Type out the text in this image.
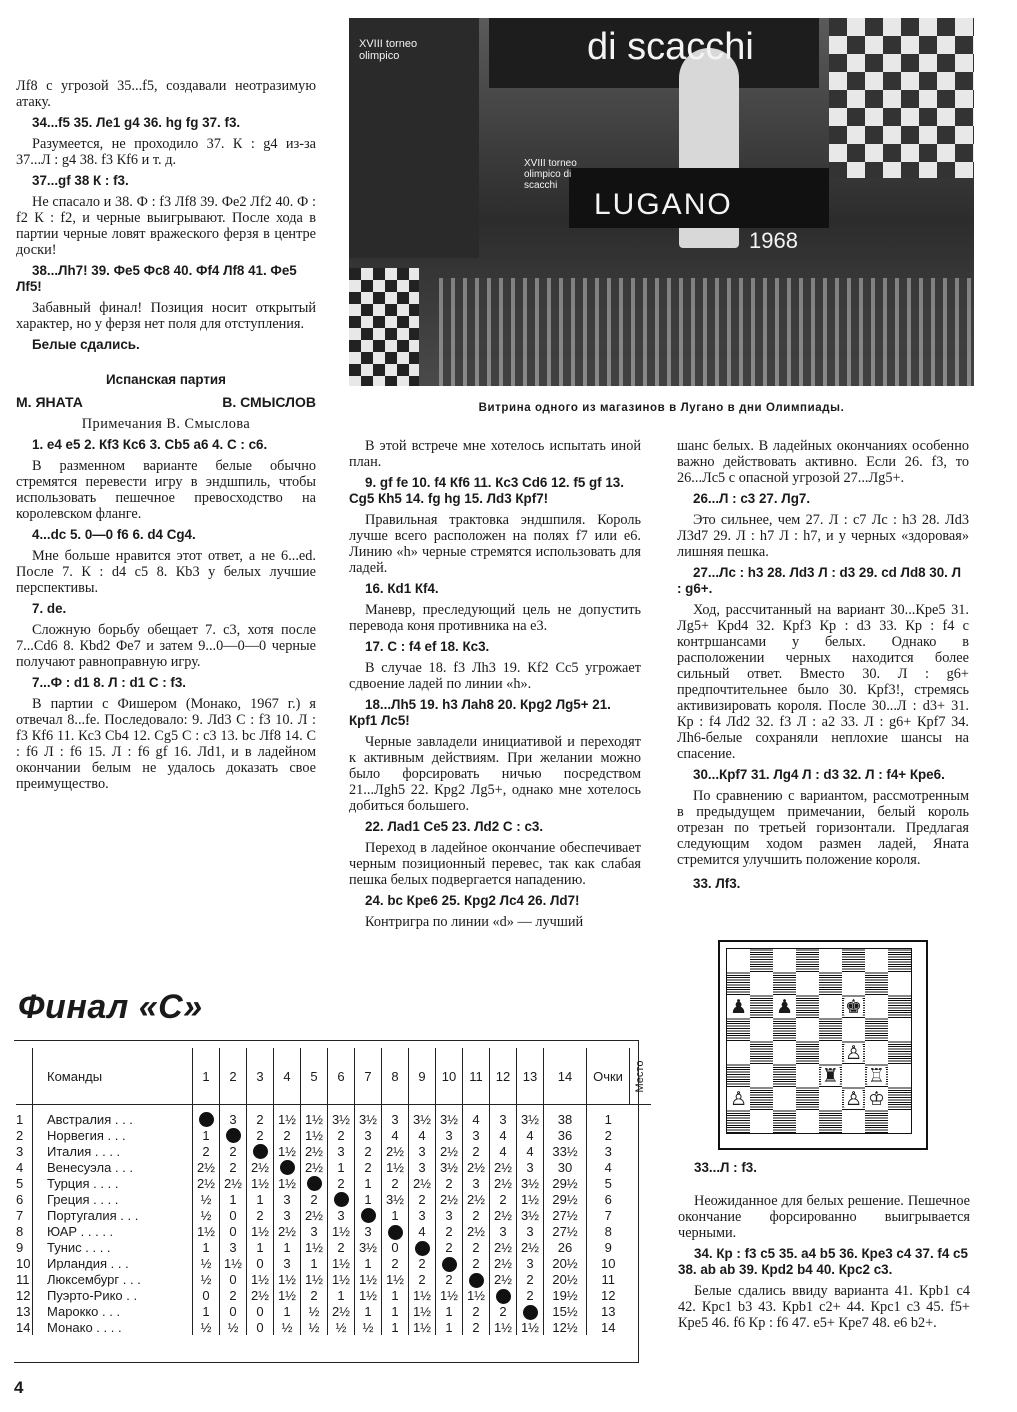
Лf8 с угрозой 35...f5, создавали неотразимую атаку.

34...f5 35. Лe1 g4 36. hg fg 37. f3.

Разумеется, не проходило 37. К : g4 из-за 37...Л : g4 38. f3 Кf6 и т. д.

37...gf 38 К : f3.

Не спасало и 38. Ф : f3 Лf8 39. Фe2 Лf2 40. Ф : f2 К : f2, и черные выигрывают. После хода в партии черные ловят вражеского ферзя в центре доски!

38...Лh7! 39. Фe5 Фc8 40. Фf4 Лf8 41. Фe5 Лf5!

Забавный финал! Позиция носит открытый характер, но у ферзя нет поля для отступления.

Белые сдались.

Испанская партия
М. ЯНАТА	В. СМЫСЛОВ

Примечания В. Смыслова

1. e4 e5 2. Кf3 Кc6 3. Сb5 a6 4. С : c6.

В разменном варианте белые обычно стремятся перевести игру в эндшпиль, чтобы использовать пешечное превосходство на королевском фланге.

4...dc 5. 0—0 f6 6. d4 Сg4.

Мне больше нравится этот ответ, а не 6...ed. После 7. К : d4 c5 8. Кb3 у белых лучшие перспективы.

7. de.

Сложную борьбу обещает 7. c3, хотя после 7...Сd6 8. Кbd2 Фe7 и затем 9...0—0—0 черные получают равноправную игру.

7...Ф : d1 8. Л : d1 С : f3.

В партии с Фишером (Монако, 1967 г.) я отвечал 8...fe. Последовало: 9. Лd3 С : f3 10. Л : f3 Кf6 11. Кc3 Сb4 12. Сg5 С : c3 13. bc Лf8 14. С : f6 Л : f6 15. Л : f6 gf 16. Лd1, и в ладейном окончании белым не удалось доказать свое преимущество.

di scacchi
XVIII torneo olimpico
LUGANO
XVIII torneo olimpico di scacchi
1968
Витрина одного из магазинов в Лугано в дни Олимпиады.

В этой встрече мне хотелось испытать иной план.

9. gf fe 10. f4 Кf6 11. Кc3 Сd6 12. f5 gf 13. Сg5 Кh5 14. fg hg 15. Лd3 Крf7!

Правильная трактовка эндшпиля. Король лучше всего расположен на полях f7 или e6. Линию «h» черные стремятся использовать для ладей.

16. Кd1 Кf4.

Маневр, преследующий цель не допустить перевода коня противника на e3.

17. С : f4 ef 18. Кc3.

В случае 18. f3 Лh3 19. Кf2 Сc5 угрожает сдвоение ладей по линии «h».

18...Лh5 19. h3 Лah8 20. Крg2 Лg5+ 21. Крf1 Лc5!

Черные завладели инициативой и переходят к активным действиям. При желании можно было форсировать ничью посредством 21...Лgh5 22. Крg2 Лg5+, однако мне хотелось добиться большего.

22. Лad1 Сe5 23. Лd2 С : c3.

Переход в ладейное окончание обеспечивает черным позиционный перевес, так как слабая пешка белых подвергается нападению.

24. bc Крe6 25. Крg2 Лc4 26. Лd7!

Контригра по линии «d» — лучший

шанс белых. В ладейных окончаниях особенно важно действовать активно. Если 26. f3, то 26...Лc5 с опасной угрозой 27...Лg5+.

26...Л : c3 27. Лg7.

Это сильнее, чем 27. Л : c7 Лc : h3 28. Лd3 Л3d7 29. Л : h7 Л : h7, и у черных «здоровая» лишняя пешка.

27...Лc : h3 28. Лd3 Л : d3 29. cd Лd8 30. Л : g6+.

Ход, рассчитанный на вариант 30...Крe5 31. Лg5+ Крd4 32. Крf3 Кр : d3 33. Кр : f4 с контршансами у белых. Однако в расположении черных находится более сильный ответ. Вместо 30. Л : g6+ предпочтительнее было 30. Крf3!, стремясь активизировать короля. После 30...Л : d3+ 31. Кр : f4 Лd2 32. f3 Л : a2 33. Л : g6+ Крf7 34. Лh6-белые сохраняли неплохие шансы на спасение.

30...Крf7 31. Лg4 Л : d3 32. Л : f4+ Крe6.

По сравнению с вариантом, рассмотренным в предыдущем примечании, белый король отрезан по третьей горизонтали. Предлагая следующим ходом размен ладей, Яната стремится улучшить положение короля.

33. Лf3.

♟ ♟	♚
♙
♜ ♖
♙	♙ ♔

33...Л : f3.

Неожиданное для белых решение. Пешечное окончание форсированно выигрывается черными.

34. Кр : f3 c5 35. a4 b5 36. Крe3 c4 37. f4 c5 38. ab ab 39. Крd2 b4 40. Крc2 c3.

Белые сдались ввиду варианта 41. Крb1 c4 42. Крc1 b3 43. Крb1 c2+ 44. Крc1 c3 45. f5+ Крe5 46. f6 Кр : f6 47. e5+ Крe7 48. e6 b2+.

Финал «С»
	Команды	1	2	3	4	5	6	7	8	9	10	11	12	13	14	Очки	Место
1	Австралия . . .		3	2	1½	1½	3½	3½	3	3½	3½	4	3	3½	38	1	
2	Норвегия . . .	1		2	2	1½	2	3	4	4	3	3	4	4	36	2	
3	Италия . . . .	2	2		1½	2½	3	2	2½	3	2½	2	4	4	33½	3	
4	Венесуэла . . .	2½	2	2½		2½	1	2	1½	3	3½	2½	2½	3	30	4	
5	Турция . . . .	2½	2½	1½	1½		2	1	2	2½	2	3	2½	3½	29½	5	
6	Греция . . . .	½	1	1	3	2		1	3½	2	2½	2½	2	1½	29½	6	
7	Португалия . . .	½	0	2	3	2½	3		1	3	3	2	2½	3½	27½	7	
8	ЮАР . . . . .	1½	0	1½	2½	3	1½	3		4	2	2½	3	3	27½	8	
9	Тунис . . . .	1	3	1	1	1½	2	3½	0		2	2	2½	2½	26	9	
10	Ирландия . . .	½	1½	0	3	1	1½	1	2	2		2	2½	3	20½	10	
11	Люксембург . . .	½	0	1½	1½	1½	1½	1½	1½	2	2		2½	2	20½	11	
12	Пуэрто-Рико . .	0	2	2½	1½	2	1	1½	1	1½	1½	1½		2	19½	12	
13	Марокко . . .	1	0	0	1	½	2½	1	1	1½	1	2	2		15½	13	
14	Монако . . . .	½	½	0	½	½	½	½	1	1½	1	2	1½	1½	12½	14	
4
